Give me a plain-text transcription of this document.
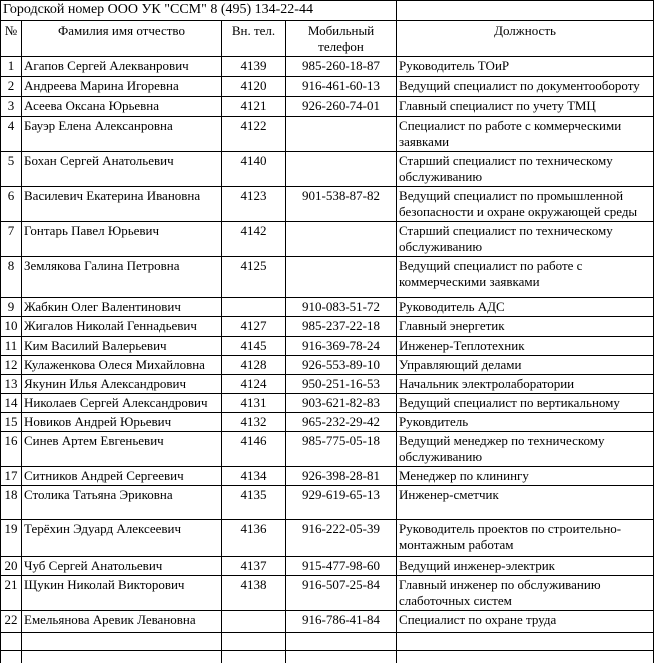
Городской номер ООО УК "ССМ" 8 (495) 134-22-44				
№	Фамилия имя отчество	Вн. тел.	Мобильный телефон	Должность
1	Агапов Сергей Алекванрович	4139	985-260-18-87	Руководитель ТОиР
2	Андреева Марина Игоревна	4120	916-461-60-13	Ведущий специалист по документообороту
3	Асеева Оксана Юрьевна	4121	926-260-74-01	Главный специалист по учету ТМЦ
4	Бауэр Елена Алексанровна	4122		Специалист по работе с коммерческими заявками
5	Бохан Сергей Анатольевич	4140		Старший специалист по техническому обслуживанию
6	Василевич Екатерина Ивановна	4123	901-538-87-82	Ведущий специалист по промышленной безопасности и охране окружающей среды
7	Гонтарь Павел Юрьевич	4142		Старший специалист по техническому обслуживанию
8	Землякова Галина Петровна	4125		Ведущий специалист по работе с коммерческими заявками
9	Жабкин Олег Валентинович		910-083-51-72	Руководитель АДС
10	Жигалов Николай Геннадьевич	4127	985-237-22-18	Главный энергетик
11	Ким Василий Валерьевич	4145	916-369-78-24	Инженер-Теплотехник
12	Кулаженкова Олеся Михайловна	4128	926-553-89-10	Управляющий делами
13	Якунин Илья Александрович	4124	950-251-16-53	Начальник электролаборатории
14	Николаев Сергей Александрович	4131	903-621-82-83	Ведущий специалист по вертикальному
15	Новиков Андрей Юрьевич	4132	965-232-29-42	Руковдитель
16	Синев Артем Евгеньевич	4146	985-775-05-18	Ведущий менеджер по техническому обслуживанию
17	Ситников Андрей Сергеевич	4134	926-398-28-81	Менеджер по клинингу
18	Столика Татьяна Эриковна	4135	929-619-65-13	Инженер-сметчик
19	Терёхин Эдуард Алексеевич	4136	916-222-05-39	Руководитель проектов по строительно-монтажным работам
20	Чуб Сергей Анатольевич	4137	915-477-98-60	Ведущий инженер-электрик
21	Щукин Николай Викторович	4138	916-507-25-84	Главный инженер по обслуживанию слаботочных систем
22	Емельянова Аревик Левановна		916-786-41-84	Специалист по охране труда
